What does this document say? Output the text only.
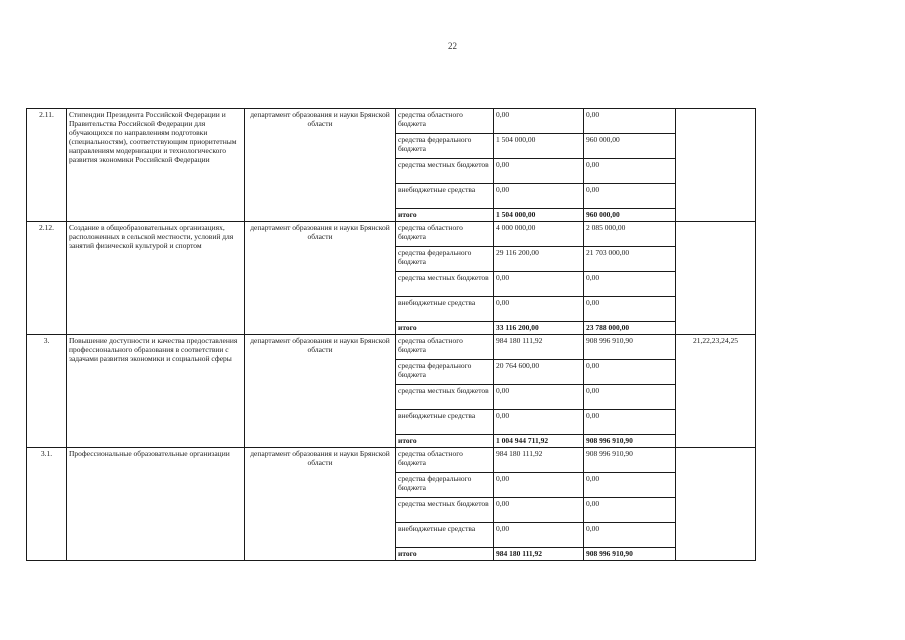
22
2.11.	Стипендии Президента Российской Федерации и Правительства Российской Федерации для обучающихся по направлениям подготовки (специальностям), соответствующим приоритетным направлениям модернизации и технологического развития экономики Российской Федерации	департамент образования и науки Брянской области	средства областного бюджета	0,00	0,00	
			средства федерального бюджета	1 504 000,00	960 000,00	
			средства местных бюджетов	0,00	0,00	
			внебюджетные средства	0,00	0,00	
			итого	1 504 000,00	960 000,00	
2.12.	Создание в общеобразовательных организациях, расположенных в сельской местности, условий для занятий физической культурой и спортом	департамент образования и науки Брянской области	средства областного бюджета	4 000 000,00	2 085 000,00	
			средства федерального бюджета	29 116 200,00	21 703 000,00	
			средства местных бюджетов	0,00	0,00	
			внебюджетные средства	0,00	0,00	
			итого	33 116 200,00	23 788 000,00	
3.	Повышение доступности и качества предоставления профессионального образования в соответствии с задачами развития экономики и социальной сферы	департамент образования и науки Брянской области	средства областного бюджета	984 180 111,92	908 996 910,90	21,22,23,24,25
			средства федерального бюджета	20 764 600,00	0,00	
			средства местных бюджетов	0,00	0,00	
			внебюджетные средства	0,00	0,00	
			итого	1 004 944 711,92	908 996 910,90	
3.1.	Профессиональные образовательные организации	департамент образования и науки Брянской области	средства областного бюджета	984 180 111,92	908 996 910,90	
			средства федерального бюджета	0,00	0,00	
			средства местных бюджетов	0,00	0,00	
			внебюджетные средства	0,00	0,00	
			итого	984 180 111,92	908 996 910,90	
